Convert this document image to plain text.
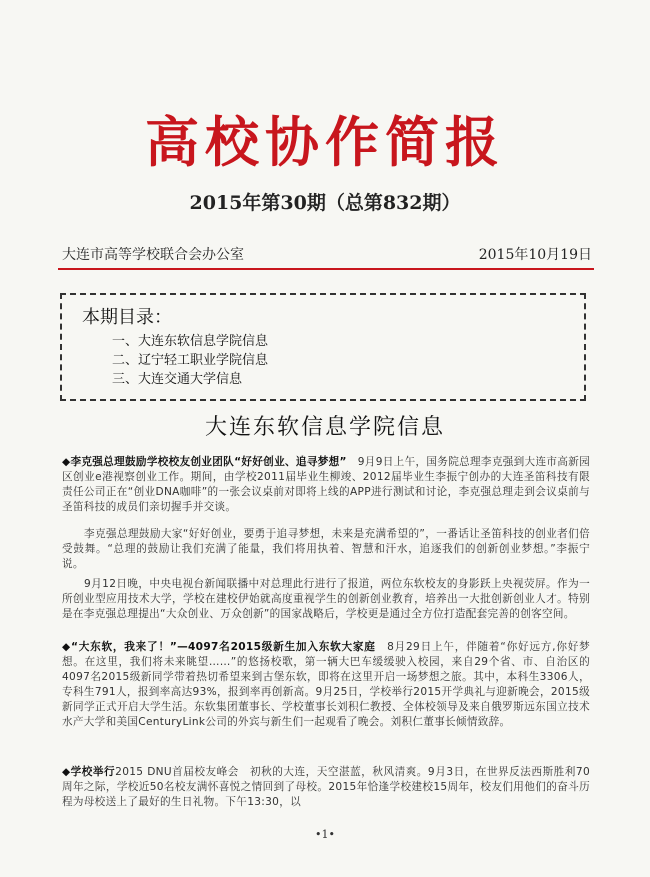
高校协作简报
2015年第30期（总第832期）
大连市高等学校联合会办公室	2015年10月19日
本期目录：
一、大连东软信息学院信息
二、辽宁轻工职业学院信息
三、大连交通大学信息
大连东软信息学院信息

◆李克强总理鼓励学校校友创业团队“好好创业、追寻梦想”　9月9日上午，国务院总理李克强到大连市高新园区创业e港视察创业工作。期间，由学校2011届毕业生柳竣、2012届毕业生李振宁创办的大连圣笛科技有限责任公司正在“创业DNA咖啡”的一张会议桌前对即将上线的APP进行测试和讨论，李克强总理走到会议桌前与圣笛科技的成员们亲切握手并交谈。

李克强总理鼓励大家“好好创业，要勇于追寻梦想，未来是充满希望的”，一番话让圣笛科技的创业者们倍受鼓舞。“总理的鼓励让我们充满了能量，我们将用执着、智慧和汗水，追逐我们的创新创业梦想。”李振宁说。

9月12日晚，中央电视台新闻联播中对总理此行进行了报道，两位东软校友的身影跃上央视荧屏。作为一所创业型应用技术大学，学校在建校伊始就高度重视学生的创新创业教育，培养出一大批创新创业人才。特别是在李克强总理提出“大众创业、万众创新”的国家战略后，学校更是通过全方位打造配套完善的创客空间。

◆“大东软，我来了！”—4097名2015级新生加入东软大家庭　8月29日上午，伴随着“你好远方,你好梦想。在这里，我们将未来眺望……”的悠扬校歌，第一辆大巴车缓缓驶入校园，来自29个省、市、自治区的4097名2015级新同学带着热切希望来到古堡东软，即将在这里开启一场梦想之旅。其中，本科生3306人，专科生791人，报到率高达93%，报到率再创新高。9月25日，学校举行2015开学典礼与迎新晚会，2015级新同学正式开启大学生活。东软集团董事长、学校董事长刘积仁教授、全体校领导及来自俄罗斯远东国立技术水产大学和美国CenturyLink公司的外宾与新生们一起观看了晚会。刘积仁董事长倾情致辞。

◆学校举行2015 DNU首届校友峰会　初秋的大连，天空湛蓝，秋风清爽。9月3日，在世界反法西斯胜利70周年之际，学校近50名校友满怀喜悦之情回到了母校。2015年恰逢学校建校15周年，校友们用他们的奋斗历程为母校送上了最好的生日礼物。下午13:30，以

•1•
